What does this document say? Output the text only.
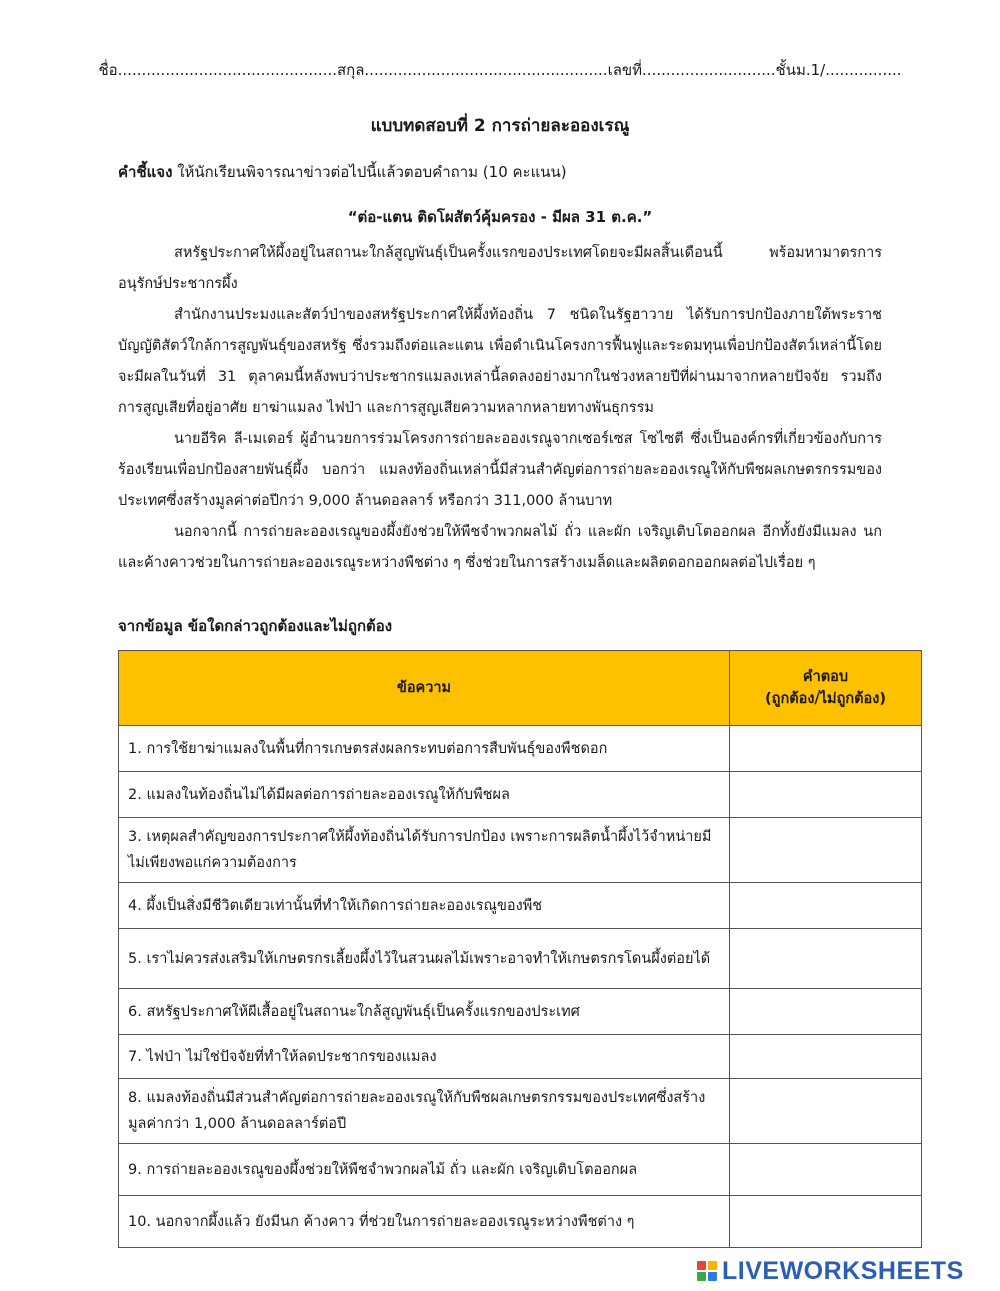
ชื่อ..............................................สกุล...................................................เลขที่............................ชั้นม.1/................
แบบทดสอบที่ 2 การถ่ายละอองเรณู
คำชี้แจง ให้นักเรียนพิจารณาข่าวต่อไปนี้แล้วตอบคำถาม (10 คะแนน)
“ต่อ-แตน ติดโผสัตว์คุ้มครอง - มีผล 31 ต.ค.”

สหรัฐประกาศให้ผึ้งอยู่ในสถานะใกล้สูญพันธุ์เป็นครั้งแรกของประเทศโดยจะมีผลสิ้นเดือนนี้ พร้อมหามาตรการอนุรักษ์ประชากรผึ้ง

สำนักงานประมงและสัตว์ป่าของสหรัฐประกาศให้ผึ้งท้องถิ่น 7 ชนิดในรัฐฮาวาย ได้รับการปกป้องภายใต้พระราชบัญญัติสัตว์ใกล้การสูญพันธุ์ของสหรัฐ ซึ่งรวมถึงต่อและแตน เพื่อดำเนินโครงการฟื้นฟูและระดมทุนเพื่อปกป้องสัตว์เหล่านี้โดยจะมีผลในวันที่ 31 ตุลาคมนี้หลังพบว่าประชากรแมลงเหล่านี้ลดลงอย่างมากในช่วงหลายปีที่ผ่านมาจากหลายปัจจัย รวมถึงการสูญเสียที่อยู่อาศัย ยาฆ่าแมลง ไฟป่า และการสูญเสียความหลากหลายทางพันธุกรรม

นายอีริค ลี-เมเดอร์ ผู้อำนวยการร่วมโครงการถ่ายละอองเรณูจากเซอร์เซส โซไซตี ซึ่งเป็นองค์กรที่เกี่ยวข้องกับการร้องเรียนเพื่อปกป้องสายพันธุ์ผึ้ง บอกว่า แมลงท้องถิ่นเหล่านี้มีส่วนสำคัญต่อการถ่ายละอองเรณูให้กับพืชผลเกษตรกรรมของประเทศซึ่งสร้างมูลค่าต่อปีกว่า 9,000 ล้านดอลลาร์ หรือกว่า 311,000 ล้านบาท

นอกจากนี้ การถ่ายละอองเรณูของผึ้งยังช่วยให้พืชจำพวกผลไม้ ถั่ว และผัก เจริญเติบโตออกผล อีกทั้งยังมีแมลง นก และค้างคาวช่วยในการถ่ายละอองเรณูระหว่างพืชต่าง ๆ ซึ่งช่วยในการสร้างเมล็ดและผลิตดอกออกผลต่อไปเรื่อย ๆ

จากข้อมูล ข้อใดกล่าวถูกต้องและไม่ถูกต้อง
ข้อความ	คำตอบ
(ถูกต้อง/ไม่ถูกต้อง)
1. การใช้ยาฆ่าแมลงในพื้นที่การเกษตรส่งผลกระทบต่อการสืบพันธุ์ของพืชดอก	
2. แมลงในท้องถิ่นไม่ได้มีผลต่อการถ่ายละอองเรณูให้กับพืชผล	
3. เหตุผลสำคัญของการประกาศให้ผึ้งท้องถิ่นได้รับการปกป้อง เพราะการผลิตน้ำผึ้งไว้จำหน่ายมีไม่เพียงพอแก่ความต้องการ	
4. ผึ้งเป็นสิ่งมีชีวิตเดียวเท่านั้นที่ทำให้เกิดการถ่ายละอองเรณูของพืช	
5. เราไม่ควรส่งเสริมให้เกษตรกรเลี้ยงผึ้งไว้ในสวนผลไม้เพราะอาจทำให้เกษตรกรโดนผึ้งต่อยได้	
6. สหรัฐประกาศให้ผีเสื้ออยู่ในสถานะใกล้สูญพันธุ์เป็นครั้งแรกของประเทศ	
7. ไฟป่า ไม่ใช่ปัจจัยที่ทำให้ลดประชากรของแมลง	
8. แมลงท้องถิ่นมีส่วนสำคัญต่อการถ่ายละอองเรณูให้กับพืชผลเกษตรกรรมของประเทศซึ่งสร้างมูลค่ากว่า 1,000 ล้านดอลลาร์ต่อปี	
9. การถ่ายละอองเรณูของผึ้งช่วยให้พืชจำพวกผลไม้ ถั่ว และผัก เจริญเติบโตออกผล	
10. นอกจากผึ้งแล้ว ยังมีนก ค้างคาว ที่ช่วยในการถ่ายละอองเรณูระหว่างพืชต่าง ๆ	
LIVEWORKSHEETS
